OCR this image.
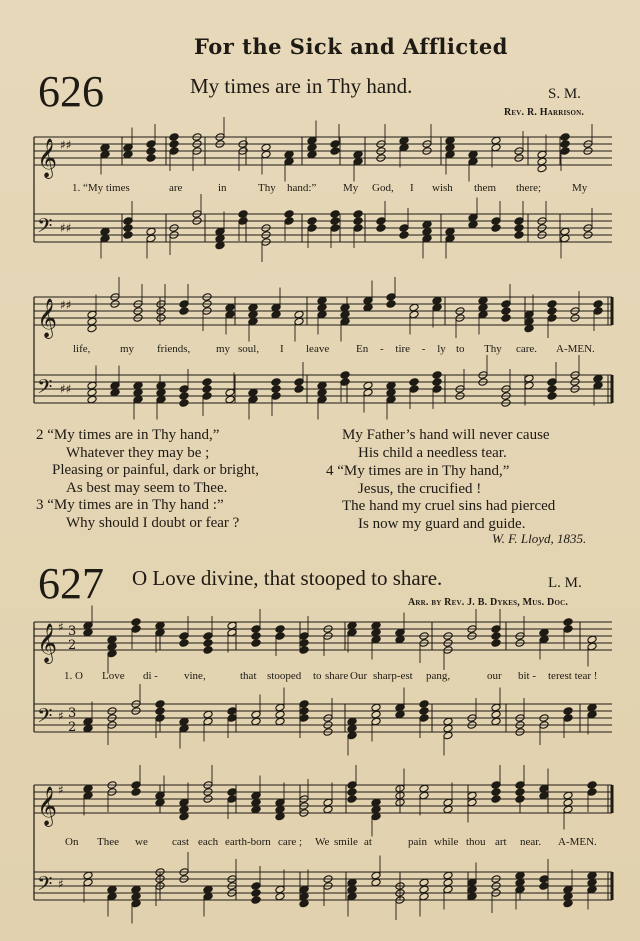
For the Sick and Afflicted
626	My times are in Thy hand.	S. M.
Rev. R. Harrison.
1. “My times	are	in	Thy hand:” My God, I wish them there;	My
life,	my friends, my soul, I leave En - tire - ly to Thy care. A-MEN.
2 “My times are in Thy hand,”
Whatever they may be ;
Pleasing or painful, dark or bright,
As best may seem to Thee.
3 “My times are in Thy hand :”
Why should I doubt or fear ?
My Father’s hand will never cause
His child a needless tear.
4 “My times are in Thy hand,”
Jesus, the crucified !
The hand my cruel sins had pierced
Is now my guard and guide.
W. F. Lloyd, 1835.
627 O Love divine, that stooped to share.	L. M.
Arr. by Rev. J. B. Dykes, Mus. Doc.
1. O Love di - vine,	that stooped to share Our sharp-est pang,	our bit - terest tear !
On Thee we cast each earth-born care ; We smile at	pain while thou art near. A-MEN.
𝄞
𝄢
♯♯
♯♯
𝄞
𝄢
♯♯
♯♯
𝄞
𝄢
♯
♯
3
2
3
2
𝄞
𝄢
♯
♯
